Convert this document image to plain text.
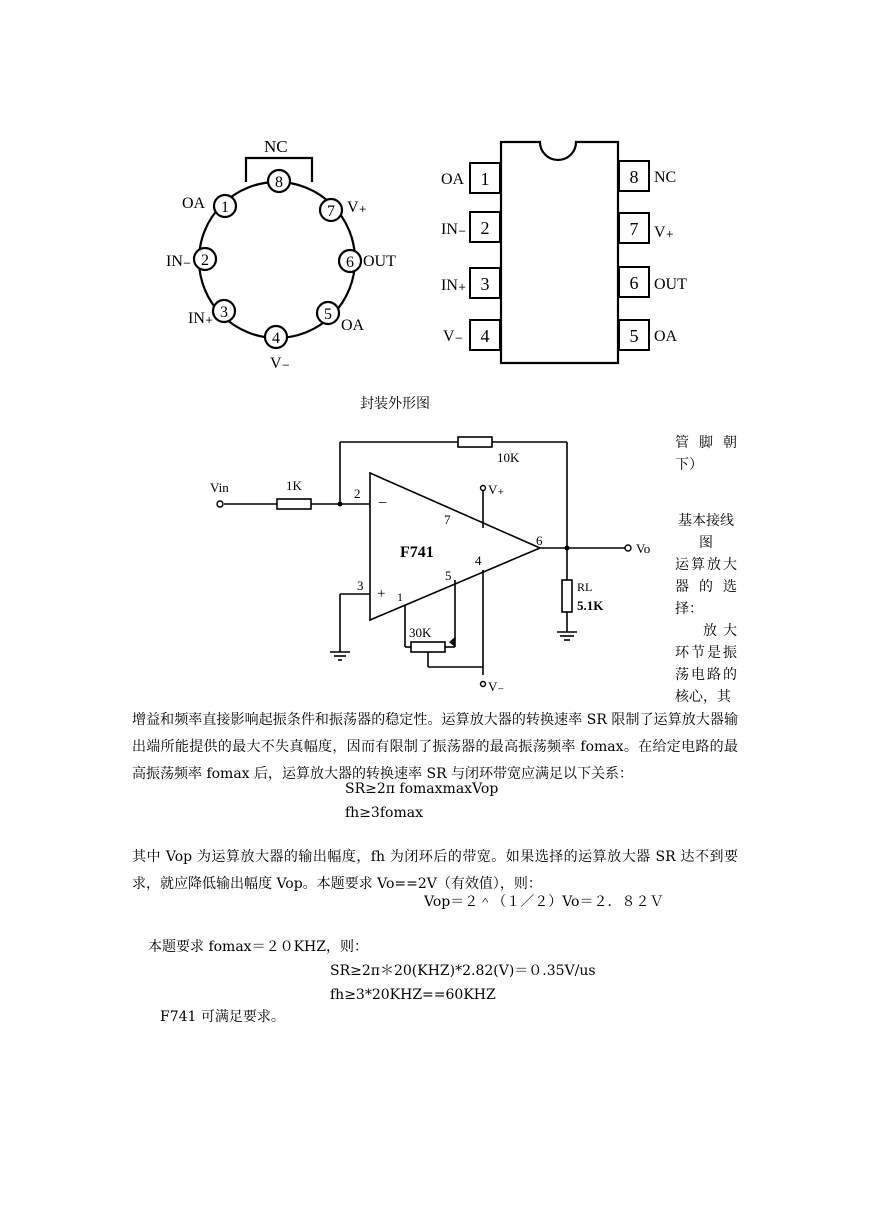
8
1	7
2	6
3	5
4
NC
OA	V₊
IN₋	OUT
IN₊	OA
V₋
1
OA
2
IN₋
3
IN₊
4
V₋
8 NC
7 V₊
6 OUT
5 OA
封装外形图
Vin	1K
10K
2
−
F741
7
V₊
6
Vo
3
+ 1
5
4
30K
RL
5.1K
V₋
管脚朝下）
基本接线图
运算放大器的选择：
放大环节是振荡电路的核心，其

增益和频率直接影响起振条件和振荡器的稳定性。运算放大器的转换速率 SR 限制了运算放大器输出端所能提供的最大不失真幅度，因而有限制了振荡器的最高振荡频率 fomax。在给定电路的最高振荡频率 fomax 后，运算放大器的转换速率 SR 与闭环带宽应满足以下关系：

SR≥2π fomaxmaxVop
fh≥3fomax

其中 Vop 为运算放大器的输出幅度，fh 为闭环后的带宽。如果选择的运算放大器 SR 达不到要求，就应降低输出幅度 Vop。本题要求 Vo==2V（有效值），则：

Vop＝２＾（１／２）Vo＝２．８２Ｖ
本题要求 fomax＝２０KHZ，则：
SR≥2π＊20(KHZ)*2.82(V)＝０.35V/us
fh≥3*20KHZ==60KHZ
F741 可满足要求。
